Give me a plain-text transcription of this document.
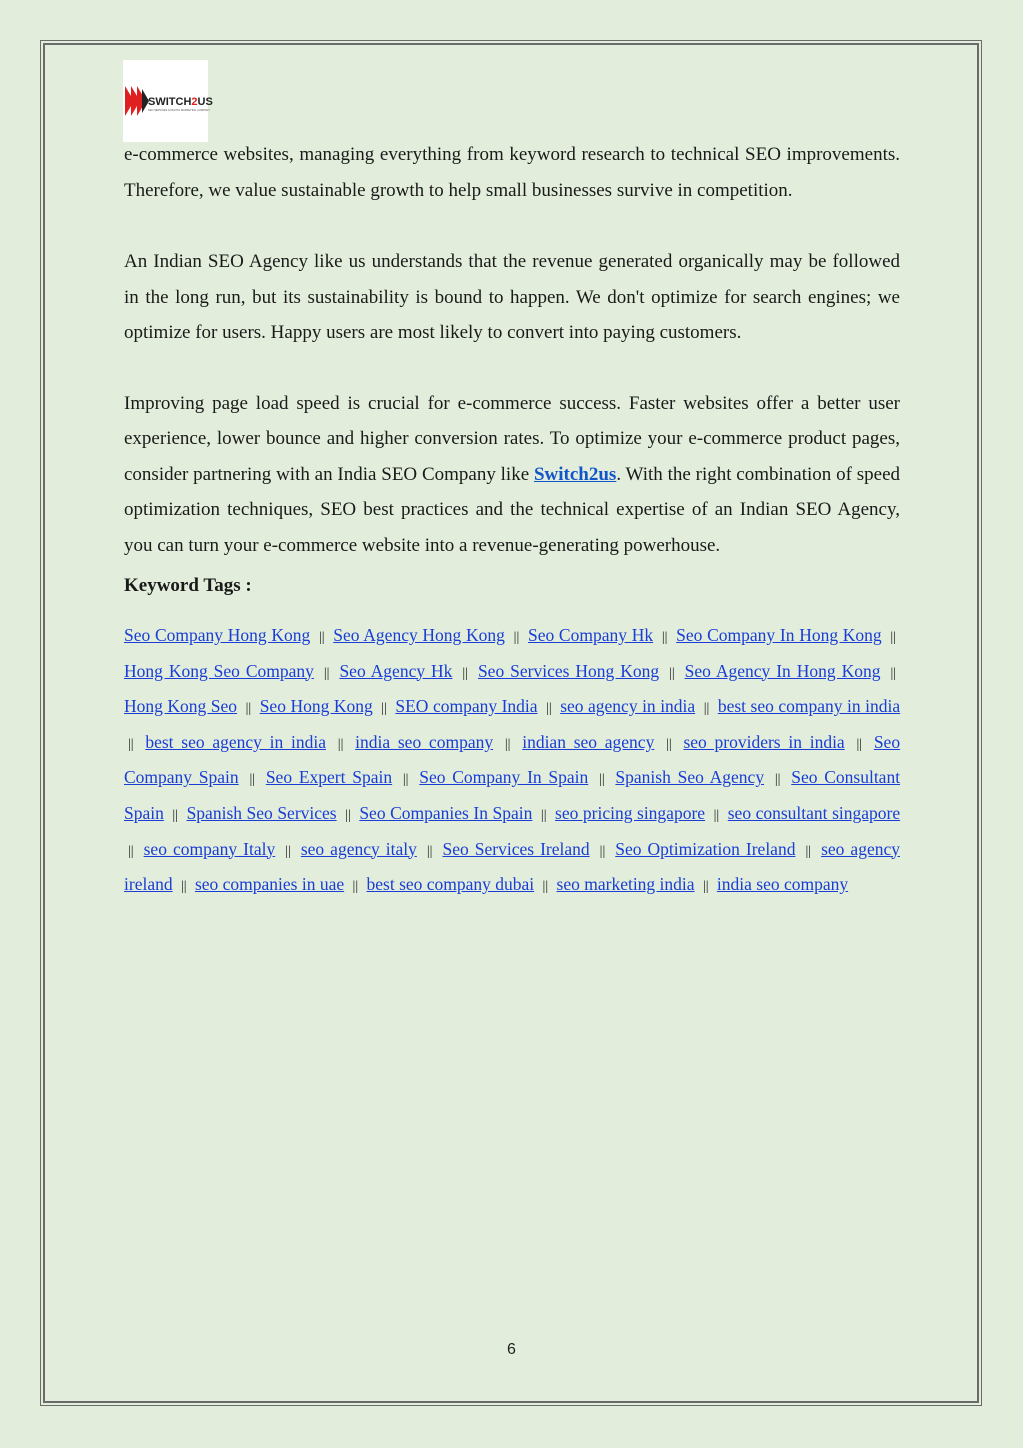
SWITCH2US
SEO SERVICES & DIGITAL MARKETING COMPANY

e-commerce websites, managing everything from keyword research to technical SEO improvements. Therefore, we value sustainable growth to help small businesses survive in competition.

An Indian SEO Agency like us understands that the revenue generated organically may be followed in the long run, but its sustainability is bound to happen. We don't optimize for search engines; we optimize for users. Happy users are most likely to convert into paying customers.

Improving page load speed is crucial for e-commerce success. Faster websites offer a better user experience, lower bounce and higher conversion rates. To optimize your e-commerce product pages, consider partnering with an India SEO Company like Switch2us. With the right combination of speed optimization techniques, SEO best practices and the technical expertise of an Indian SEO Agency, you can turn your e-commerce website into a revenue-generating powerhouse.

Keyword Tags :

Seo Company Hong Kong || Seo Agency Hong Kong || Seo Company Hk || Seo Company In Hong Kong || Hong Kong Seo Company || Seo Agency Hk || Seo Services Hong Kong || Seo Agency In Hong Kong || Hong Kong Seo || Seo Hong Kong || SEO company India || seo agency in india || best seo company in india || best seo agency in india || india seo company || indian seo agency || seo providers in india || Seo Company Spain || Seo Expert Spain || Seo Company In Spain || Spanish Seo Agency || Seo Consultant Spain || Spanish Seo Services || Seo Companies In Spain || seo pricing singapore || seo consultant singapore || seo company Italy || seo agency italy || Seo Services Ireland || Seo Optimization Ireland || seo agency ireland || seo companies in uae || best seo company dubai || seo marketing india || india seo company

6
